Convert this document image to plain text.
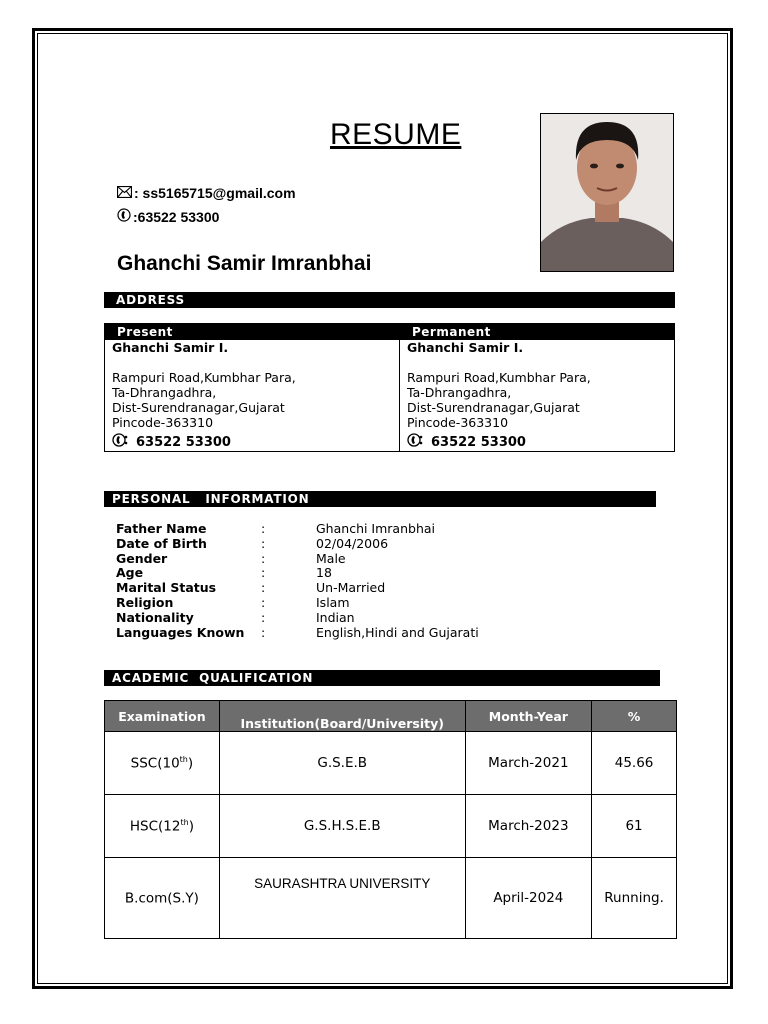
RESUME
: ss5165715@gmail.com
:63522 53300
Ghanchi Samir Imranbhai
ADDRESS
Present
Ghanchi Samir I.
Rampuri Road,Kumbhar Para,
Ta-Dhrangadhra,
Dist-Surendranagar,Gujarat
Pincode-363310
63522 53300
Permanent
Ghanchi Samir I.
Rampuri Road,Kumbhar Para,
Ta-Dhrangadhra,
Dist-Surendranagar,Gujarat
Pincode-363310
63522 53300
PERSONAL   INFORMATION
Father Name	:	Ghanchi Imranbhai
Date of Birth	:	02/04/2006
Gender	:	Male
Age	:	18
Marital Status	:	Un-Married
Religion	:	Islam
Nationality	:	Indian
Languages Known	:	English,Hindi and Gujarati
ACADEMIC  QUALIFICATION
Examination	Institution(Board/University)	Month-Year	%
SSC(10th)	G.S.E.B	March-2021	45.66
HSC(12th)	G.S.H.S.E.B	March-2023	61
B.com(S.Y)	SAURASHTRA UNIVERSITY	April-2024	Running.
